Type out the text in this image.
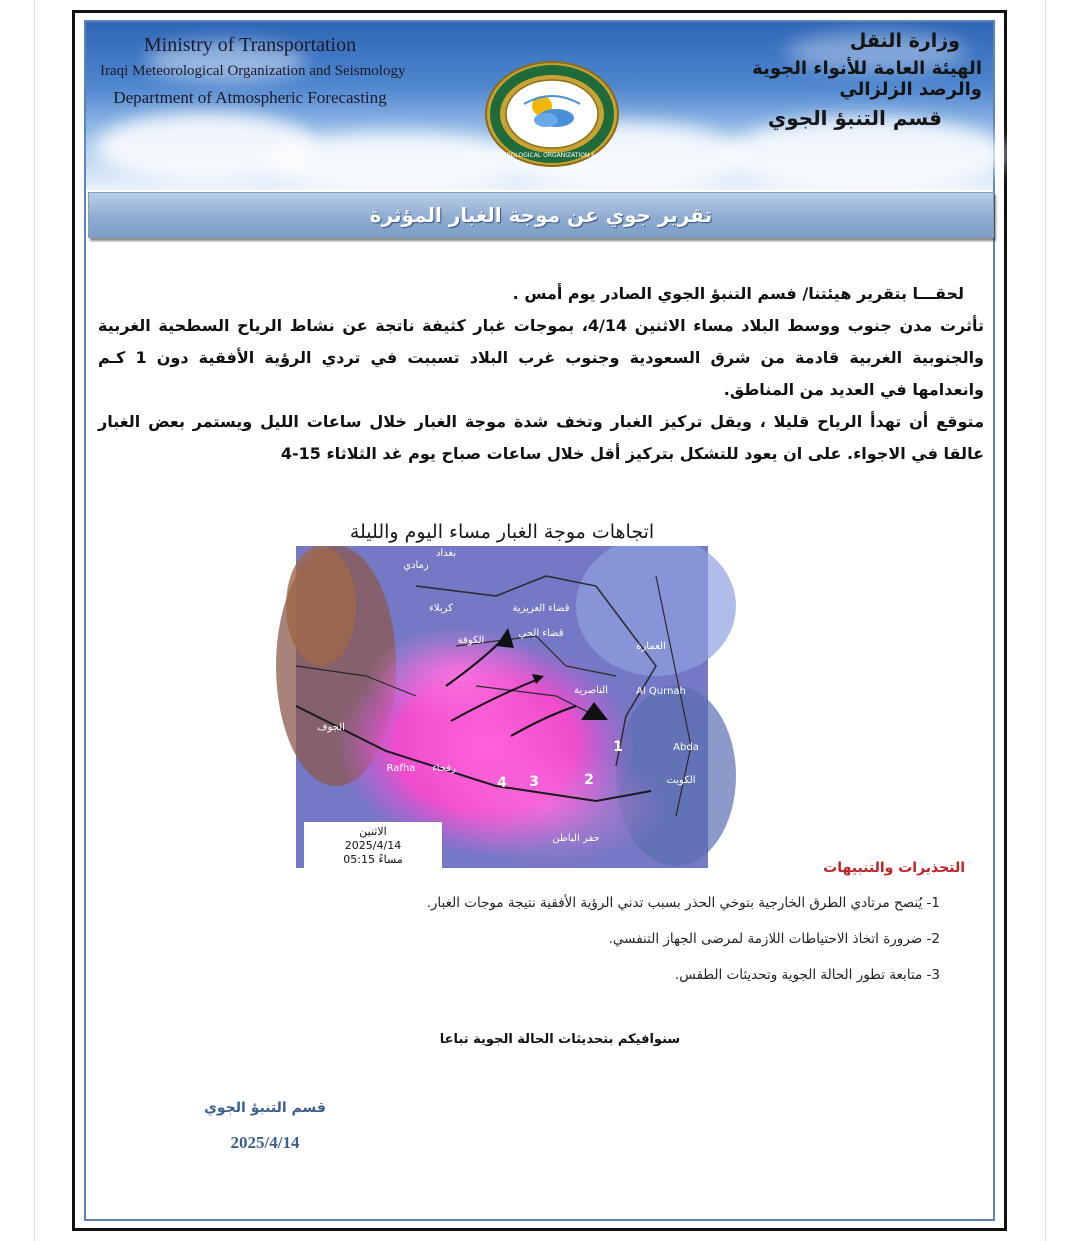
Ministry of Transportation
Iraqi Meteorological Organization and Seismology
Department of Atmospheric Forecasting
وزارة النقل
الهيئة العامة للأنواء الجوية والرصد الزلزالي
قسم التنبؤ الجوي
IRAQI METEOROLOGICAL ORGANIZATION & SEISMOLOGY
تقرير جوي عن موجة الغبار المؤثرة

لحقـــا بتقرير هيئتنا/ فسم التنبؤ الجوي الصادر يوم أمس .

تأثرت مدن جنوب ووسط البلاد مساء الاثنين 4/14، بموجات غبار كثيفة ناتجة عن نشاط الرياح السطحية الغربية والجنوبية الغربية قادمة من شرق السعودية وجنوب غرب البلاد تسببت في تردي الرؤية الأفقية دون 1 كـم وانعدامها في العديد من المناطق.

متوقع أن تهدأ الرياح قليلا ، ويقل تركيز الغبار وتخف شدة موجة الغبار خلال ساعات الليل ويستمر بعض الغبار عالقا في الاجواء. على ان يعود للتشكل بتركيز أقل خلال ساعات صباح يوم غد الثلاثاء 15-4

بغداد
رمادي
كربلاء	قضاء العزيزية
قضاء الحي
الكوفة
العمارة
الناصرية	Al Qurnah
Abda
الكويت
Rafha رفحاء
حفر الباطن
الجوف
4 3	2
1
اتجاهات موجة الغبار مساء اليوم والليلة
الاثنين
2025/4/14
05:15 مساءً
التحذيرات والتنبيهات
1- يُنصح مرتادي الطرق الخارجية بتوخي الحذر بسبب تدني الرؤية الأفقية نتيجة موجات الغبار.
2- ضرورة اتخاذ الاحتياطات اللازمة لمرضى الجهاز التنفسي.
3- متابعة تطور الحالة الجوية وتحديثات الطقس.
سنوافيكم بتحديثات الحالة الجوية تباعا
قسم التنبؤ الجوي
2025/4/14
